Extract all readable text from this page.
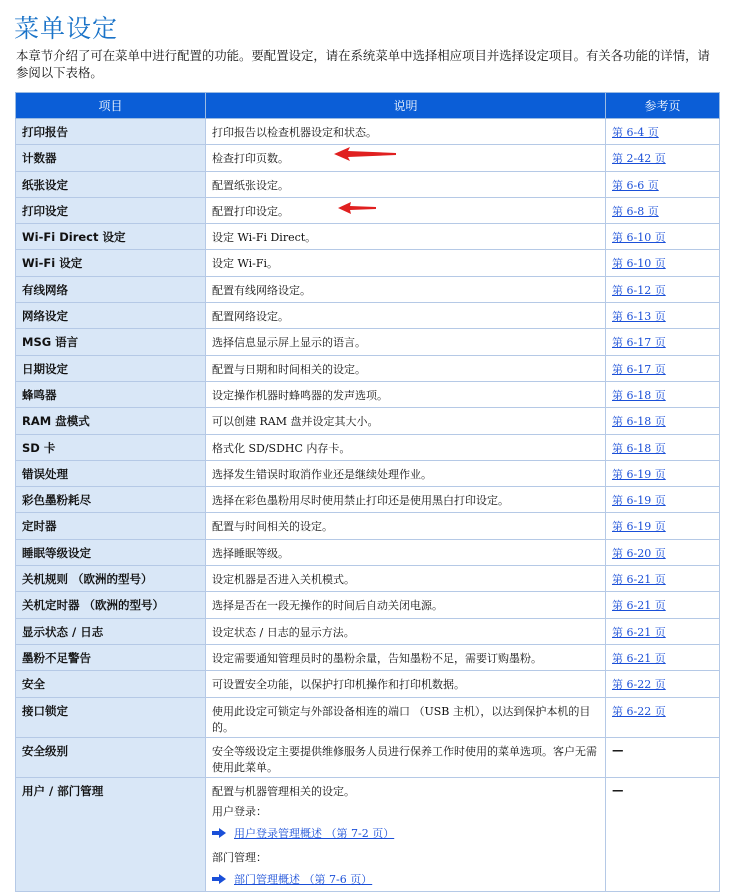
菜单设定

本章节介绍了可在菜单中进行配置的功能。要配置设定，请在系统菜单中选择相应项目并选择设定项目。有关各功能的详情，请参阅以下表格。

项目	说明	参考页
打印报告	打印报告以检查机器设定和状态。	第 6-4 页
计数器	检查打印页数。	第 2-42 页
纸张设定	配置纸张设定。	第 6-6 页
打印设定	配置打印设定。	第 6-8 页
Wi-Fi Direct 设定	设定 Wi-Fi Direct。	第 6-10 页
Wi-Fi 设定	设定 Wi-Fi。	第 6-10 页
有线网络	配置有线网络设定。	第 6-12 页
网络设定	配置网络设定。	第 6-13 页
MSG 语言	选择信息显示屏上显示的语言。	第 6-17 页
日期设定	配置与日期和时间相关的设定。	第 6-17 页
蜂鸣器	设定操作机器时蜂鸣器的发声选项。	第 6-18 页
RAM 盘模式	可以创建 RAM 盘并设定其大小。	第 6-18 页
SD 卡	格式化 SD/SDHC 内存卡。	第 6-18 页
错误处理	选择发生错误时取消作业还是继续处理作业。	第 6-19 页
彩色墨粉耗尽	选择在彩色墨粉用尽时使用禁止打印还是使用黑白打印设定。	第 6-19 页
定时器	配置与时间相关的设定。	第 6-19 页
睡眠等级设定	选择睡眠等级。	第 6-20 页
关机规则 （欧洲的型号）	设定机器是否进入关机模式。	第 6-21 页
关机定时器 （欧洲的型号）	选择是否在一段无操作的时间后自动关闭电源。	第 6-21 页
显示状态 / 日志	设定状态 / 日志的显示方法。	第 6-21 页
墨粉不足警告	设定需要通知管理员时的墨粉余量，告知墨粉不足，需要订购墨粉。	第 6-21 页
安全	可设置安全功能，以保护打印机操作和打印机数据。	第 6-22 页
接口锁定	使用此设定可锁定与外部设备相连的端口 （USB 主机），以达到保护本机的目的。	第 6-22 页
安全级别	安全等级设定主要提供维修服务人员进行保养工作时使用的菜单选项。客户无需使用此菜单。	—
用户 / 部门管理	配置与机器管理相关的设定。
用户登录：
用户登录管理概述 （第 7-2 页）
部门管理：
部门管理概述 （第 7-6 页）	—
